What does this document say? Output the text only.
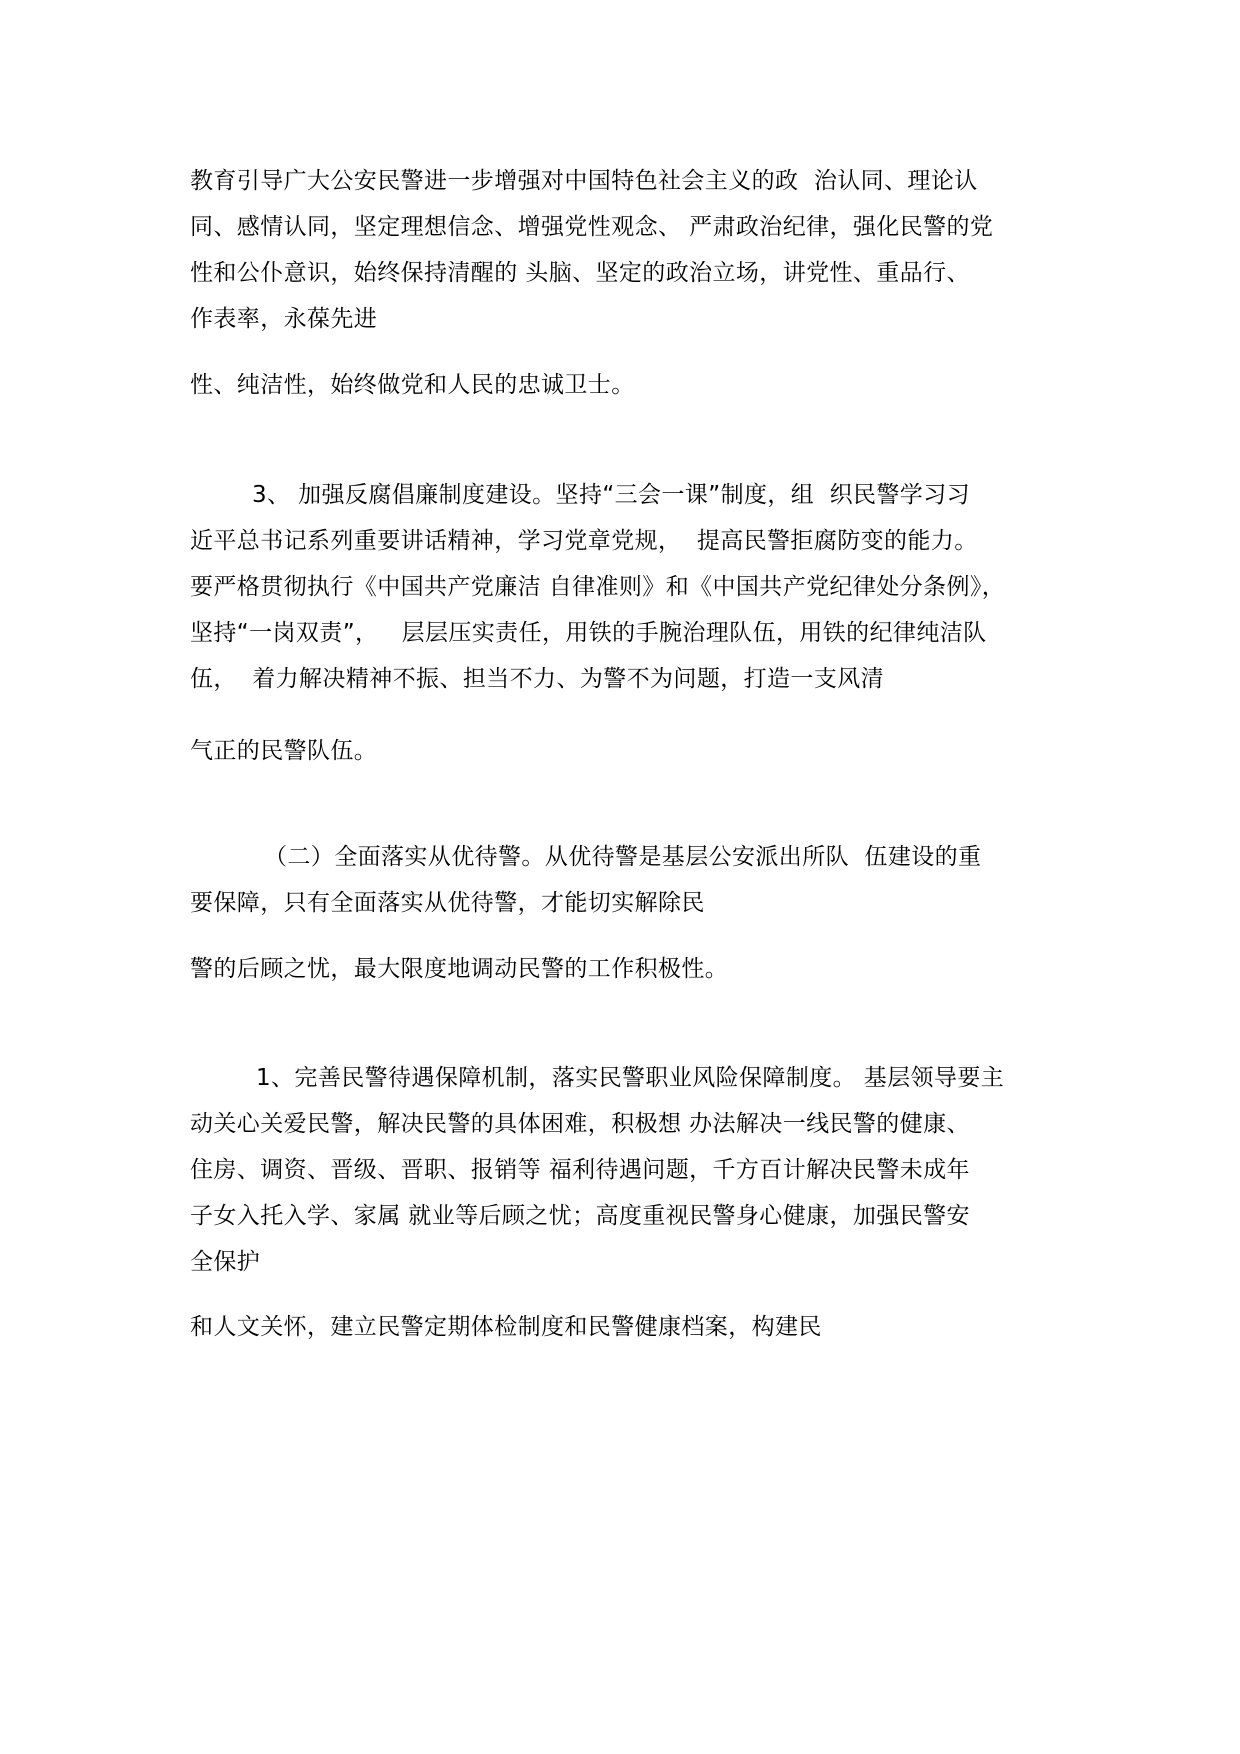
教育引导广大公安民警进一步增强对中国特色社会主义的政  治认同、理论认
同、感情认同，坚定理想信念、增强党性观念、 严肃政治纪律，强化民警的党
性和公仆意识，始终保持清醒的 头脑、坚定的政治立场，讲党性、重品行、
作表率，永葆先进
性、纯洁性，始终做党和人民的忠诚卫士。
3、 加强反腐倡廉制度建设。坚持“三会一课”制度，组  织民警学习习
近平总书记系列重要讲话精神，学习党章党规，  提高民警拒腐防变的能力。
要严格贯彻执行《中国共产党廉洁 自律准则》和《中国共产党纪律处分条例》，
坚持“一岗双责”，   层层压实责任，用铁的手腕治理队伍，用铁的纪律纯洁队
伍，  着力解决精神不振、担当不力、为警不为问题，打造一支风清
气正的民警队伍。
（二）全面落实从优待警。从优待警是基层公安派出所队  伍建设的重
要保障，只有全面落实从优待警，才能切实解除民
警的后顾之忧，最大限度地调动民警的工作积极性。
1、完善民警待遇保障机制，落实民警职业风险保障制度。 基层领导要主
动关心关爱民警，解决民警的具体困难，积极想 办法解决一线民警的健康、
住房、调资、晋级、晋职、报销等 福利待遇问题，千方百计解决民警未成年
子女入托入学、家属 就业等后顾之忧；高度重视民警身心健康，加强民警安
全保护
和人文关怀，建立民警定期体检制度和民警健康档案，构建民
